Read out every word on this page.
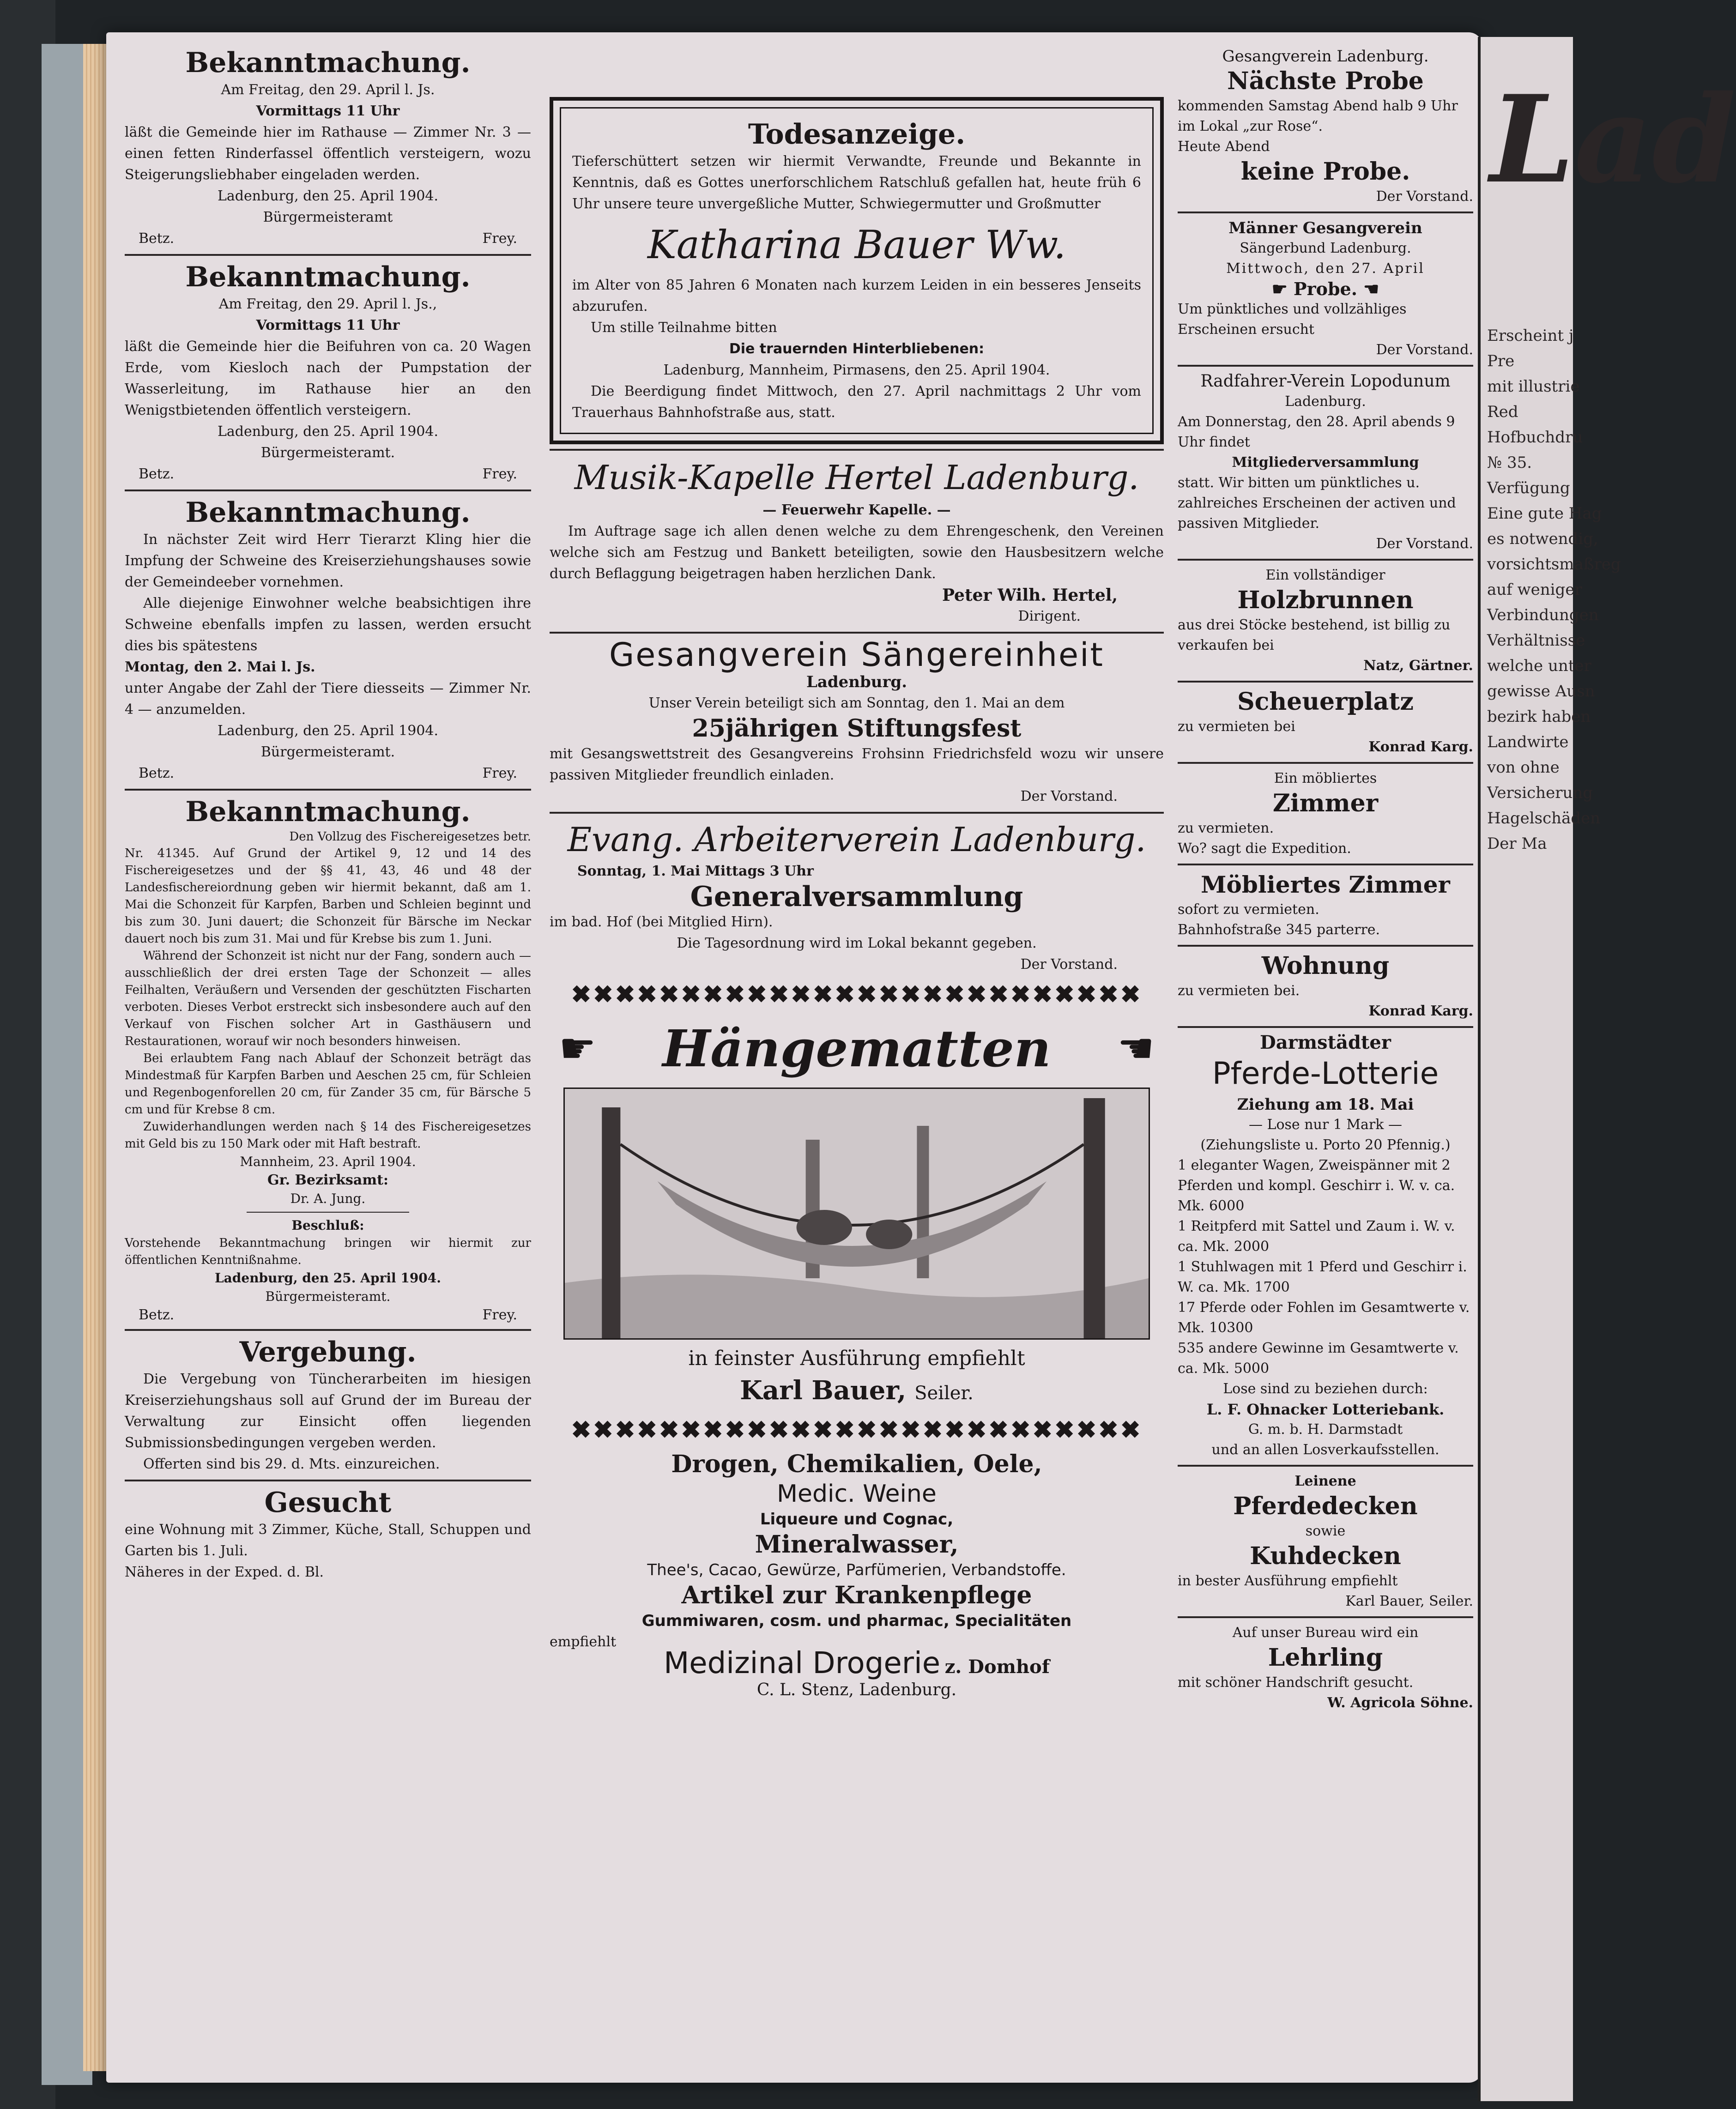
Bekanntmachung.

Am Freitag, den 29. April l. Js.

Vormittags 11 Uhr

läßt die Gemeinde hier im Rathause — Zimmer Nr. 3 — einen fetten Rinderfassel öffentlich versteigern, wozu Steigerungsliebhaber eingeladen werden.

Ladenburg, den 25. April 1904.

Bürgermeisteramt

Betz.	Frey.

Bekanntmachung.

Am Freitag, den 29. April l. Js.,

Vormittags 11 Uhr

läßt die Gemeinde hier die Beifuhren von ca. 20 Wagen Erde, vom Kiesloch nach der Pumpstation der Wasserleitung, im Rathause hier an den Wenigstbietenden öffentlich versteigern.

Ladenburg, den 25. April 1904.

Bürgermeisteramt.

Betz.	Frey.

Bekanntmachung.

In nächster Zeit wird Herr Tierarzt Kling hier die Impfung der Schweine des Kreiserziehungshauses sowie der Gemeindeeber vornehmen.

Alle diejenige Einwohner welche beabsichtigen ihre Schweine ebenfalls impfen zu lassen, werden ersucht dies bis spätestens

Montag, den 2. Mai l. Js.

unter Angabe der Zahl der Tiere diesseits — Zimmer Nr. 4 — anzumelden.

Ladenburg, den 25. April 1904.

Bürgermeisteramt.

Betz.	Frey.

Bekanntmachung.

Den Vollzug des Fischereigesetzes betr.

Nr. 41345. Auf Grund der Artikel 9, 12 und 14 des Fischereigesetzes und der §§ 41, 43, 46 und 48 der Landesfischereiordnung geben wir hiermit bekannt, daß am 1. Mai die Schonzeit für Karpfen, Barben und Schleien beginnt und bis zum 30. Juni dauert; die Schonzeit für Bärsche im Neckar dauert noch bis zum 31. Mai und für Krebse bis zum 1. Juni.

Während der Schonzeit ist nicht nur der Fang, sondern auch — ausschließlich der drei ersten Tage der Schonzeit — alles Feilhalten, Veräußern und Versenden der geschützten Fischarten verboten. Dieses Verbot erstreckt sich insbesondere auch auf den Verkauf von Fischen solcher Art in Gasthäusern und Restaurationen, worauf wir noch besonders hinweisen.

Bei erlaubtem Fang nach Ablauf der Schonzeit beträgt das Mindestmaß für Karpfen Barben und Aeschen 25 cm, für Schleien und Regenbogenforellen 20 cm, für Zander 35 cm, für Bärsche 5 cm und für Krebse 8 cm.

Zuwiderhandlungen werden nach § 14 des Fischereigesetzes mit Geld bis zu 150 Mark oder mit Haft bestraft.

Mannheim, 23. April 1904.

Gr. Bezirksamt:

Dr. A. Jung.

Beschluß:

Vorstehende Bekanntmachung bringen wir hiermit zur öffentlichen Kenntnißnahme.

Ladenburg, den 25. April 1904.

Bürgermeisteramt.

Betz.	Frey.

Vergebung.

Die Vergebung von Tüncherarbeiten im hiesigen Kreiserziehungshaus soll auf Grund der im Bureau der Verwaltung zur Einsicht offen liegenden Submissionsbedingungen vergeben werden.

Offerten sind bis 29. d. Mts. einzureichen.

Gesucht

eine Wohnung mit 3 Zimmer, Küche, Stall, Schuppen und Garten bis 1. Juli.

Näheres in der Exped. d. Bl.

Todesanzeige.

Tieferschüttert setzen wir hiermit Verwandte, Freunde und Bekannte in Kenntnis, daß es Gottes unerforschlichem Ratschluß gefallen hat, heute früh 6 Uhr unsere teure unvergeßliche Mutter, Schwiegermutter und Großmutter

Katharina Bauer Ww.

im Alter von 85 Jahren 6 Monaten nach kurzem Leiden in ein besseres Jenseits abzurufen.

Um stille Teilnahme bitten

Die trauernden Hinterbliebenen:

Ladenburg, Mannheim, Pirmasens, den 25. April 1904.

Die Beerdigung findet Mittwoch, den 27. April nachmittags 2 Uhr vom Trauerhaus Bahnhofstraße aus, statt.

Musik-Kapelle Hertel Ladenburg.

— Feuerwehr Kapelle. —

Im Auftrage sage ich allen denen welche zu dem Ehrengeschenk, den Vereinen welche sich am Festzug und Bankett beteiligten, sowie den Hausbesitzern welche durch Beflaggung beigetragen haben herzlichen Dank.

Peter Wilh. Hertel,

Dirigent.

Gesangverein Sängereinheit

Ladenburg.

Unser Verein beteiligt sich am Sonntag, den 1. Mai an dem

25jährigen Stiftungsfest

mit Gesangswettstreit des Gesangvereins Frohsinn Friedrichsfeld wozu wir unsere passiven Mitglieder freundlich einladen.

Der Vorstand.

Evang. Arbeiterverein Ladenburg.

Sonntag, 1. Mai Mittags 3 Uhr

Generalversammlung

im bad. Hof (bei Mitglied Hirn).

Die Tagesordnung wird im Lokal bekannt gegeben.

Der Vorstand.

✖✖✖✖✖✖✖✖✖✖✖✖✖✖✖✖✖✖✖✖✖✖✖✖✖✖
☛ Hängematten ☚

in feinster Ausführung empfiehlt

Karl Bauer, Seiler.

✖✖✖✖✖✖✖✖✖✖✖✖✖✖✖✖✖✖✖✖✖✖✖✖✖✖

Drogen, Chemikalien, Oele,

Medic. Weine

Liqueure und Cognac,

Mineralwasser,

Thee's, Cacao, Gewürze, Parfümerien, Verbandstoffe.

Artikel zur Krankenpflege

Gummiwaren, cosm. und pharmac, Specialitäten

empfiehlt

Medizinal Drogerie z. Domhof

C. L. Stenz, Ladenburg.

Gesangverein Ladenburg.

Nächste Probe

kommenden Samstag Abend halb 9 Uhr im Lokal „zur Rose“.

Heute Abend

keine Probe.

Der Vorstand.

Männer Gesangverein

Sängerbund Ladenburg.

Mittwoch, den 27. April

☛ Probe. ☚

Um pünktliches und vollzähliges Erscheinen ersucht

Der Vorstand.

Radfahrer-Verein Lopodunum

Ladenburg.

Am Donnerstag, den 28. April abends 9 Uhr findet

Mitgliederversammlung

statt. Wir bitten um pünktliches u. zahlreiches Erscheinen der activen und passiven Mitglieder.

Der Vorstand.

Ein vollständiger

Holzbrunnen

aus drei Stöcke bestehend, ist billig zu verkaufen bei

Natz, Gärtner.

Scheuerplatz

zu vermieten bei

Konrad Karg.

Ein möbliertes

Zimmer

zu vermieten.

Wo? sagt die Expedition.

Möbliertes Zimmer

sofort zu vermieten.

Bahnhofstraße 345 parterre.

Wohnung

zu vermieten bei.

Konrad Karg.

Darmstädter

Pferde-Lotterie

Ziehung am 18. Mai

— Lose nur 1 Mark —

(Ziehungsliste u. Porto 20 Pfennig.)

1 eleganter Wagen, Zweispänner mit 2 Pferden und kompl. Geschirr i. W. v. ca. Mk. 6000

1 Reitpferd mit Sattel und Zaum i. W. v. ca. Mk. 2000

1 Stuhlwagen mit 1 Pferd und Geschirr i. W. ca. Mk. 1700

17 Pferde oder Fohlen im Gesamtwerte v. Mk. 10300

535 andere Gewinne im Gesamtwerte v. ca. Mk. 5000

Lose sind zu beziehen durch:

L. F. Ohnacker Lotteriebank.

G. m. b. H. Darmstadt

und an allen Losverkaufsstellen.

Leinene

Pferdedecken

sowie

Kuhdecken

in bester Ausführung empfiehlt

Karl Bauer, Seiler.

Auf unser Bureau wird ein

Lehrling

mit schöner Handschrift gesucht.

W. Agricola Söhne.

Lad
Erscheint j
Pre
mit illustrie
Red
Hofbuchdru
№ 35.
Verfügung
Eine gute Hag
es notwendig,
vorsichtsmaßreg
auf weniger
Verbindungen
Verhältnisse
welche unter
gewisse Ausn
bezirk haben
Landwirte
von ohne
Versicherung
Hagelschäden
Der Ma
